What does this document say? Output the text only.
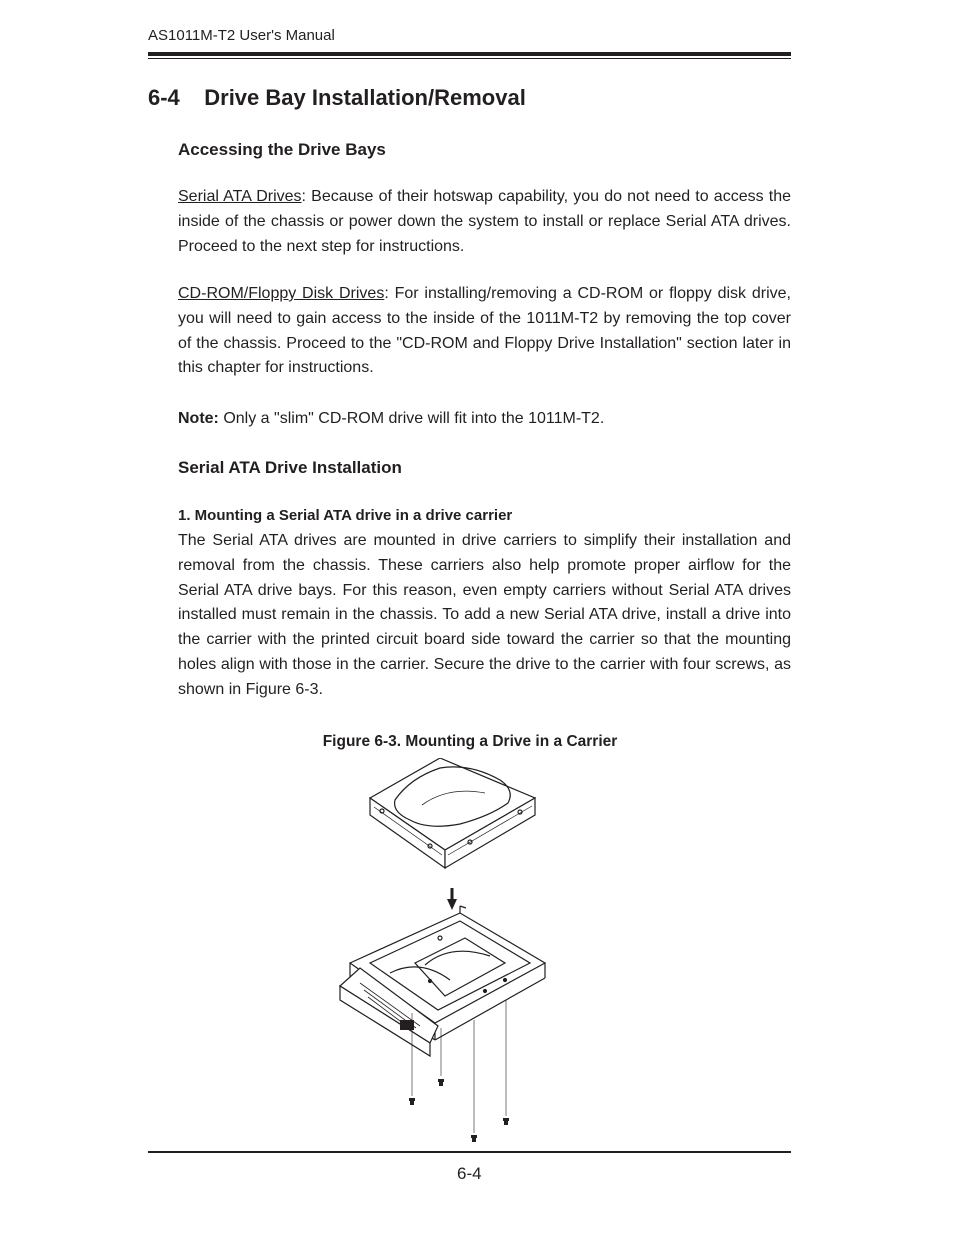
AS1011M-T2 User's Manual
6-4 Drive Bay Installation/Removal
Accessing the Drive Bays
Serial ATA Drives: Because of their hotswap capability, you do not need to access the inside of the chassis or power down the system to install or replace Serial ATA drives. Proceed to the next step for instructions.
CD-ROM/Floppy Disk Drives: For installing/removing a CD-ROM or floppy disk drive, you will need to gain access to the inside of the 1011M-T2 by removing the top cover of the chassis. Proceed to the "CD-ROM and Floppy Drive Installation" section later in this chapter for instructions.
Note: Only a "slim" CD-ROM drive will fit into the 1011M-T2.
Serial ATA Drive Installation
1. Mounting a Serial ATA drive in a drive carrier
The Serial ATA drives are mounted in drive carriers to simplify their installation and removal from the chassis. These carriers also help promote proper airflow for the Serial ATA drive bays. For this reason, even empty carriers without Serial ATA drives installed must remain in the chassis. To add a new Serial ATA drive, install a drive into the carrier with the printed circuit board side toward the carrier so that the mounting holes align with those in the carrier. Secure the drive to the carrier with four screws, as shown in Figure 6-3.
Figure 6-3. Mounting a Drive in a Carrier
6-4
